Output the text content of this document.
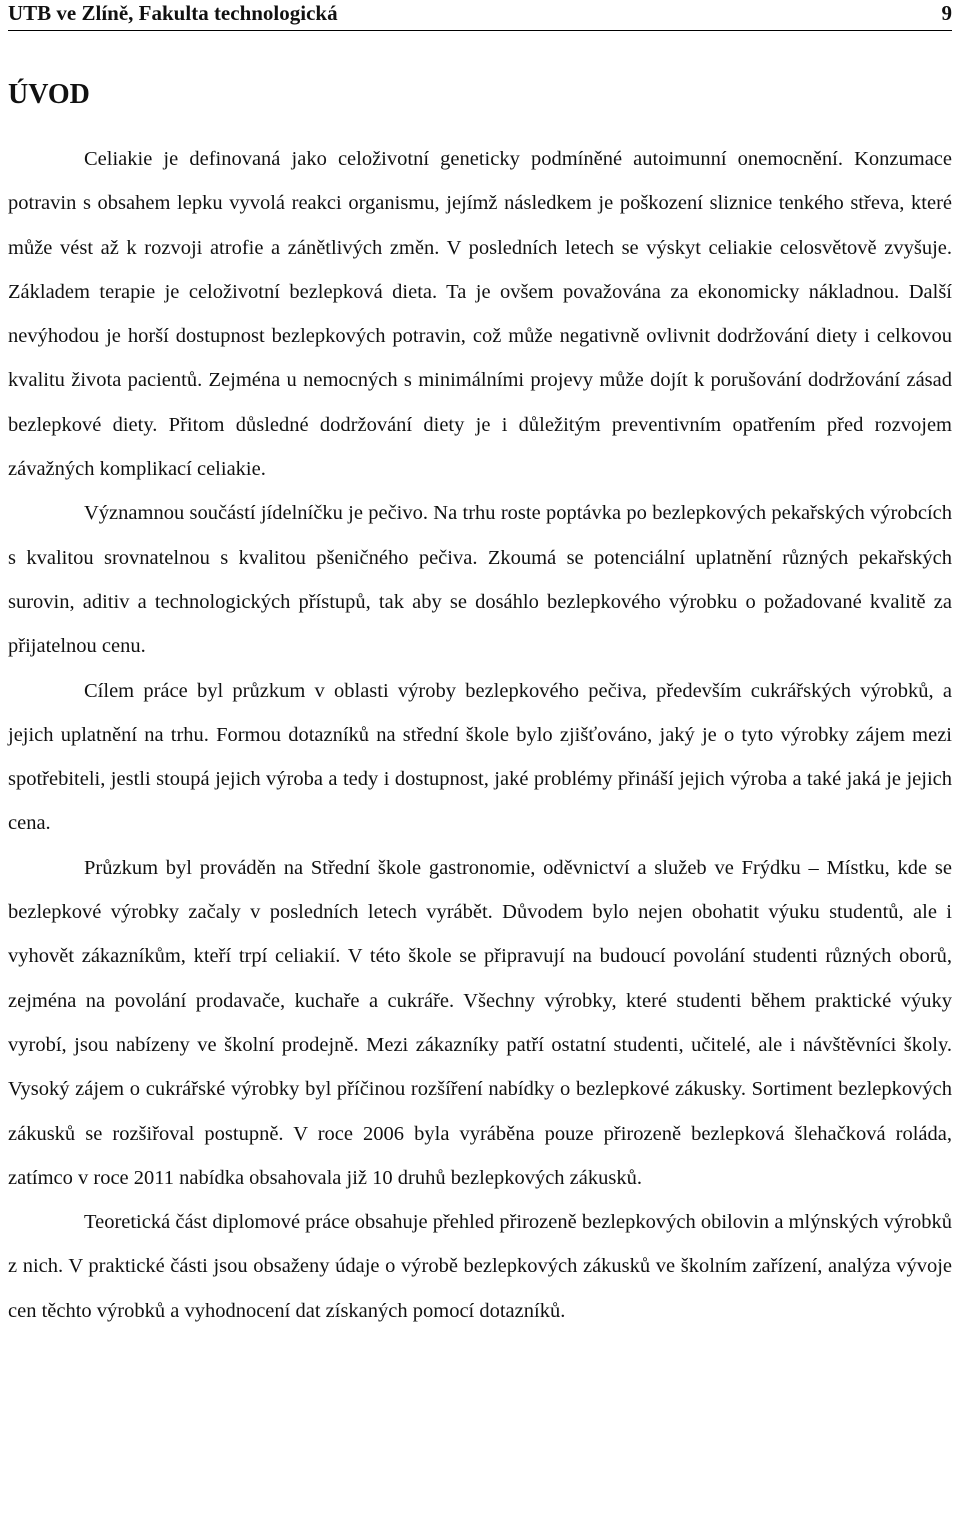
UTB ve Zlíně, Fakulta technologická	9
ÚVOD

Celiakie je definovaná jako celoživotní geneticky podmíněné autoimunní onemocnění. Konzumace potravin s obsahem lepku vyvolá reakci organismu, jejímž následkem je poškození sliznice tenkého střeva, které může vést až k rozvoji atrofie a zánětlivých změn. V posledních letech se výskyt celiakie celosvětově zvyšuje. Základem terapie je celoživotní bezlepková dieta. Ta je ovšem považována za ekonomicky nákladnou. Další nevýhodou je horší dostupnost bezlepkových potravin, což může negativně ovlivnit dodržování diety i celkovou kvalitu života pacientů. Zejména u nemocných s minimálními projevy může dojít k porušování dodržování zásad bezlepkové diety. Přitom důsledné dodržování diety je i důležitým preventivním opatřením před rozvojem závažných komplikací celiakie.

Významnou součástí jídelníčku je pečivo. Na trhu roste poptávka po bezlepkových pekařských výrobcích s kvalitou srovnatelnou s kvalitou pšeničného pečiva. Zkoumá se potenciální uplatnění různých pekařských surovin, aditiv a technologických přístupů, tak aby se dosáhlo bezlepkového výrobku o požadované kvalitě za přijatelnou cenu.

Cílem práce byl průzkum v oblasti výroby bezlepkového pečiva, především cukrářských výrobků, a jejich uplatnění na trhu. Formou dotazníků na střední škole bylo zjišťováno, jaký je o tyto výrobky zájem mezi spotřebiteli, jestli stoupá jejich výroba a tedy i dostupnost, jaké problémy přináší jejich výroba a také jaká je jejich cena.

Průzkum byl prováděn na Střední škole gastronomie, oděvnictví a služeb ve Frýdku – Místku, kde se bezlepkové výrobky začaly v posledních letech vyrábět. Důvodem bylo nejen obohatit výuku studentů, ale i vyhovět zákazníkům, kteří trpí celiakií. V této škole se připravují na budoucí povolání studenti různých oborů, zejména na povolání prodavače, kuchaře a cukráře. Všechny výrobky, které studenti během praktické výuky vyrobí, jsou nabízeny ve školní prodejně. Mezi zákazníky patří ostatní studenti, učitelé, ale i návštěvníci školy. Vysoký zájem o cukrářské výrobky byl příčinou rozšíření nabídky o bezlepkové zákusky. Sortiment bezlepkových zákusků se rozšiřoval postupně. V roce 2006 byla vyráběna pouze přirozeně bezlepková šlehačková roláda, zatímco v roce 2011 nabídka obsahovala již 10 druhů bezlepkových zákusků.

Teoretická část diplomové práce obsahuje přehled přirozeně bezlepkových obilovin a mlýnských výrobků z nich. V praktické části jsou obsaženy údaje o výrobě bezlepkových zákusků ve školním zařízení, analýza vývoje cen těchto výrobků a vyhodnocení dat získaných pomocí dotazníků.
